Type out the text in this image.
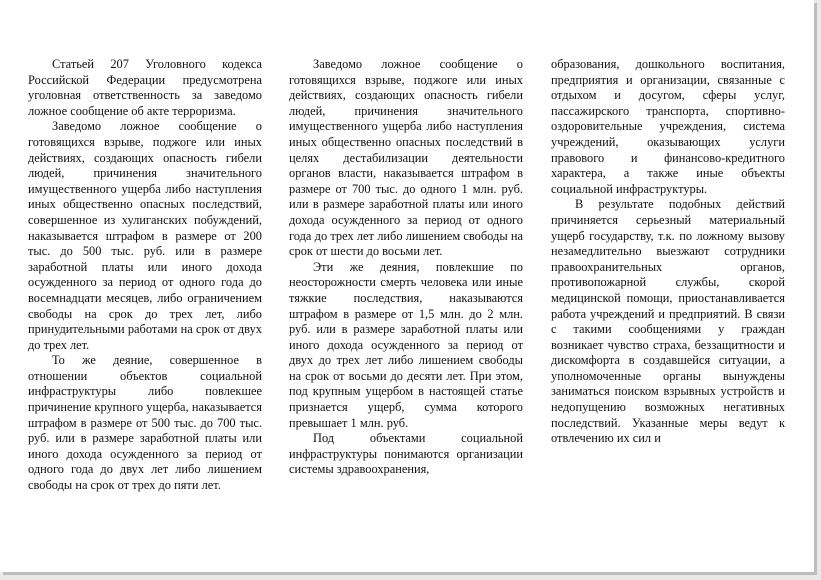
Статьей 207 Уголовного кодекса Российской Федерации предусмотрена уголовная ответственность за заведомо ложное сообщение об акте терроризма.

Заведомо ложное сообщение о готовящихся взрыве, поджоге или иных действиях, создающих опасность гибели людей, причинения значительного имущественного ущерба либо наступления иных общественно опасных последствий, совершенное из хулиганских побуждений, наказывается штрафом в размере от 200 тыс. до 500 тыс. руб. или в размере заработной платы или иного дохода осужденного за период от одного года до восемнадцати месяцев, либо ограничением свободы на срок до трех лет, либо принудительными работами на срок от двух до трех лет.

То же деяние, совершенное в отношении объектов социальной инфраструктуры либо повлекшее причинение крупного ущерба, наказывается штрафом в размере от 500 тыс. до 700 тыс. руб. или в размере заработной платы или иного дохода осужденного за период от одного года до двух лет либо лишением свободы на срок от трех до пяти лет.

Заведомо ложное сообщение о готовящихся взрыве, поджоге или иных действиях, создающих опасность гибели людей, причинения значительного имущественного ущерба либо наступления иных общественно опасных последствий в целях дестабилизации деятельности органов власти, наказывается штрафом в размере от 700 тыс. до одного 1 млн. руб. или в размере заработной платы или иного дохода осужденного за период от одного года до трех лет либо лишением свободы на срок от шести до восьми лет.

Эти же деяния, повлекшие по неосторожности смерть человека или иные тяжкие последствия, наказываются штрафом в размере от 1,5 млн. до 2 млн. руб. или в размере заработной платы или иного дохода осужденного за период от двух до трех лет либо лишением свободы на срок от восьми до десяти лет. При этом, под крупным ущербом в настоящей статье признается ущерб, сумма которого превышает 1 млн. руб.

Под объектами социальной инфраструктуры понимаются организации системы здравоохранения,

образования, дошкольного воспитания, предприятия и организации, связанные с отдыхом и досугом, сферы услуг, пассажирского транспорта, спортивно-оздоровительные учреждения, система учреждений, оказывающих услуги правового и финансово-кредитного характера, а также иные объекты социальной инфраструктуры.

В результате подобных действий причиняется серьезный материальный ущерб государству, т.к. по ложному вызову незамедлительно выезжают сотрудники правоохранительных органов, противопожарной службы, скорой медицинской помощи, приостанавливается работа учреждений и предприятий. В связи с такими сообщениями у граждан возникает чувство страха, беззащитности и дискомфорта в создавшейся ситуации, а уполномоченные органы вынуждены заниматься поиском взрывных устройств и недопущению возможных негативных последствий. Указанные меры ведут к отвлечению их сил и
